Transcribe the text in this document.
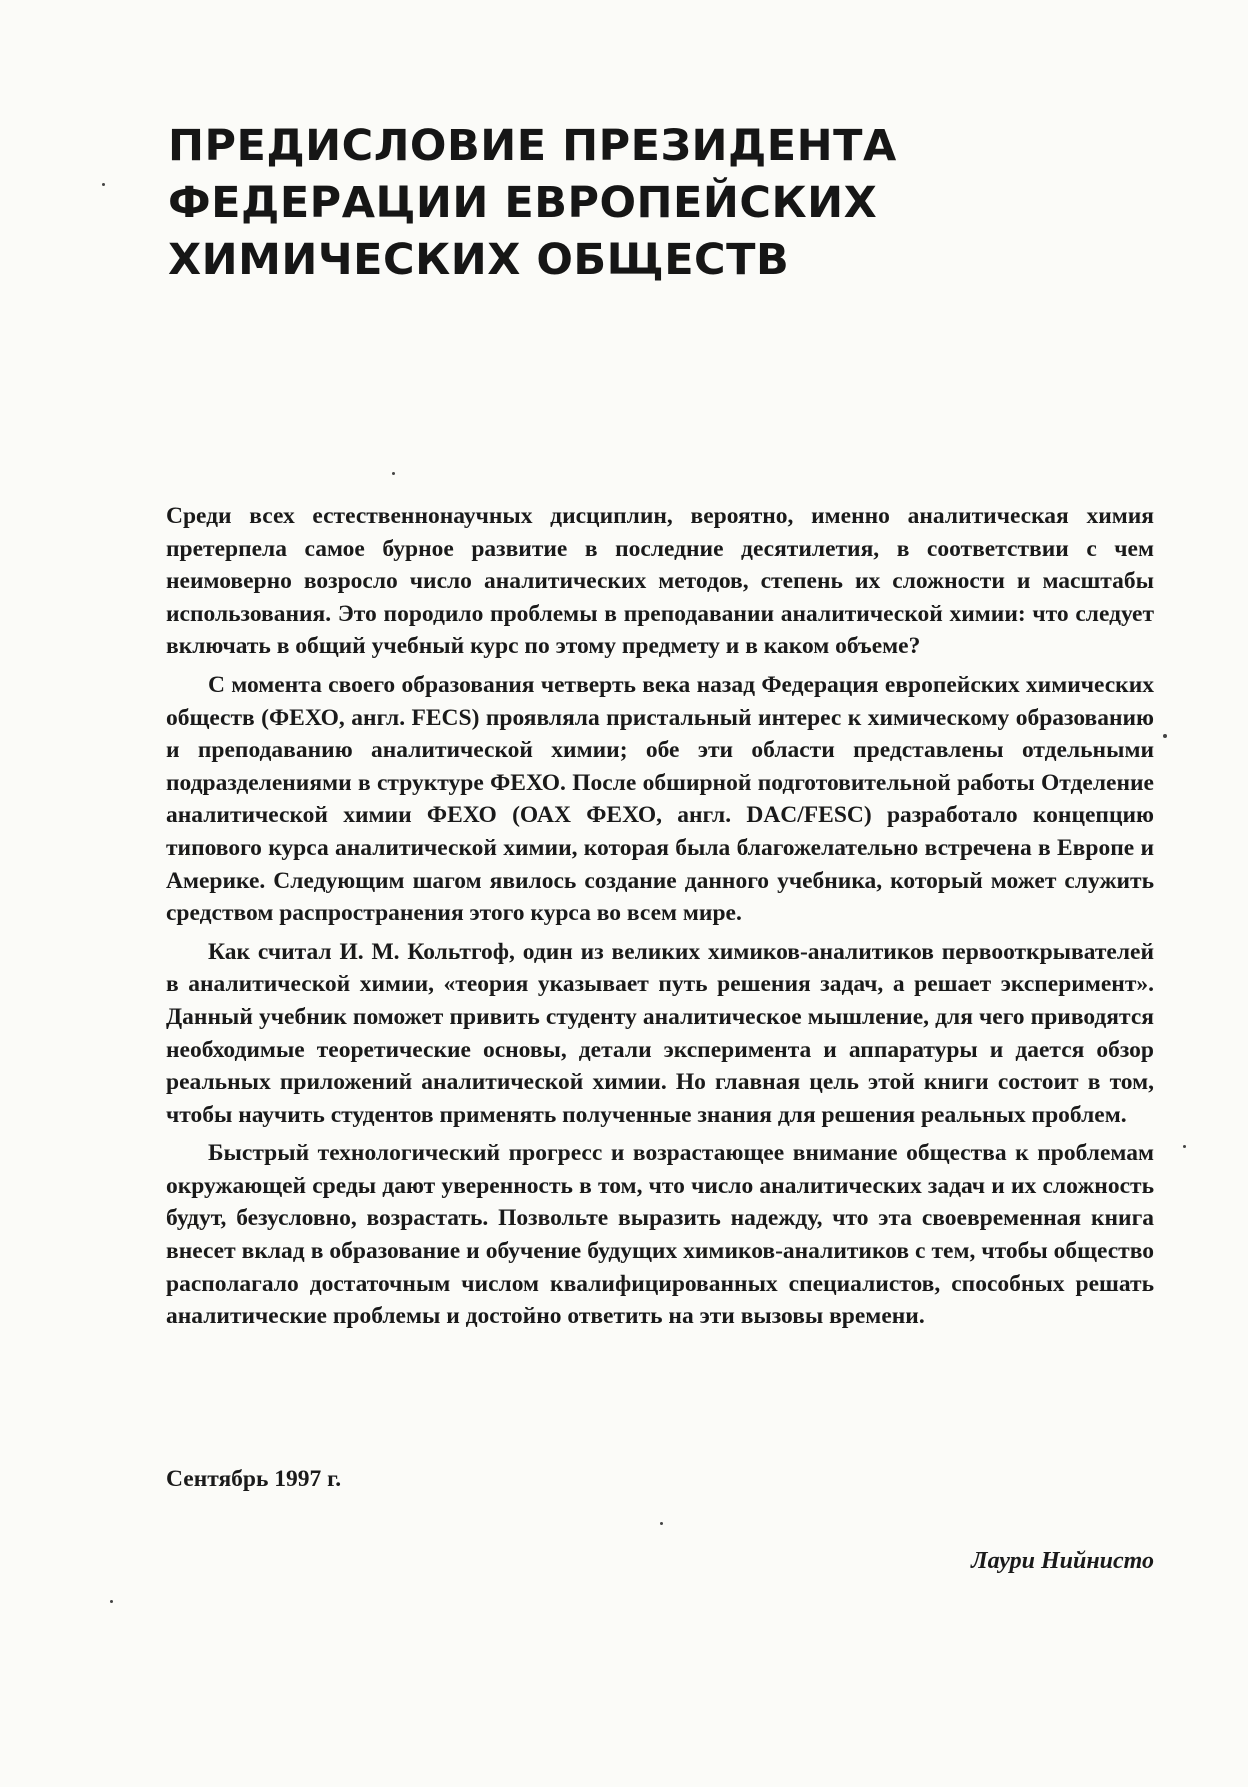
ПРЕДИСЛОВИЕ ПРЕЗИДЕНТА
ФЕДЕРАЦИИ ЕВРОПЕЙСКИХ
ХИМИЧЕСКИХ ОБЩЕСТВ

Среди всех естественнонаучных дисциплин, вероятно, именно аналитическая химия претерпела самое бурное развитие в последние десятилетия, в соответствии с чем неимоверно возросло число аналитических методов, степень их сложности и масштабы использования. Это породило проблемы в преподавании аналитической химии: что следует включать в общий учебный курс по этому предмету и в каком объеме?

С момента своего образования четверть века назад Федерация европейских химических обществ (ФЕХО, англ. FECS) проявляла пристальный интерес к химическому образованию и преподаванию аналитической химии; обе эти области представлены отдельными подразделениями в структуре ФЕХО. После обширной подготовительной работы Отделение аналитической химии ФЕХО (ОАХ ФЕХО, англ. DAC/FESC) разработало концепцию типового курса аналитической химии, которая была благожелательно встречена в Европе и Америке. Следующим шагом явилось создание данного учебника, который может служить средством распространения этого курса во всем мире.

Как считал И. М. Кольтгоф, один из великих химиков-аналитиков первооткрывателей в аналитической химии, «теория указывает путь решения задач, а решает эксперимент». Данный учебник поможет привить студенту аналитическое мышление, для чего приводятся необходимые теоретические основы, детали эксперимента и аппаратуры и дается обзор реальных приложений аналитической химии. Но главная цель этой книги состоит в том, чтобы научить студентов применять полученные знания для решения реальных проблем.

Быстрый технологический прогресс и возрастающее внимание общества к проблемам окружающей среды дают уверенность в том, что число аналитических задач и их сложность будут, безусловно, возрастать. Позвольте выразить надежду, что эта своевременная книга внесет вклад в образование и обучение будущих химиков-аналитиков с тем, чтобы общество располагало достаточным числом квалифицированных специалистов, способных решать аналитические проблемы и достойно ответить на эти вызовы времени.

Сентябрь 1997 г.

Лаури Нийнисто
